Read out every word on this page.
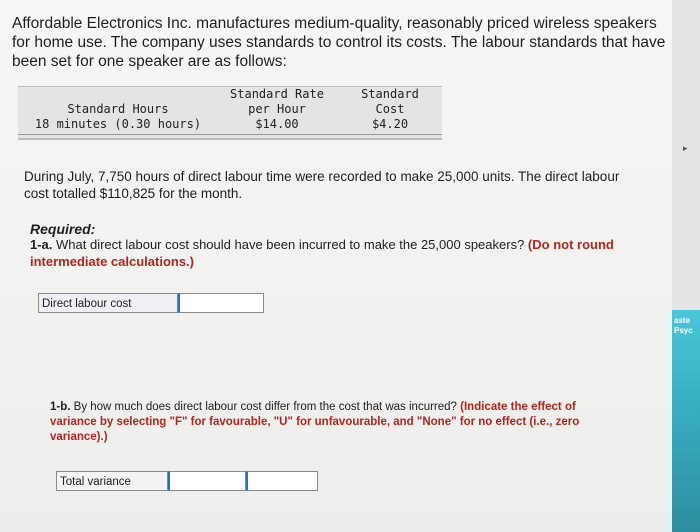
Affordable Electronics Inc. manufactures medium-quality, reasonably priced wireless speakers for home use. The company uses standards to control its costs. The labour standards that have been set for one speaker are as follows:
Standard Hours
18 minutes (0.30 hours)
Standard Rate
per Hour
$14.00
Standard
Cost
$4.20
During July, 7,750 hours of direct labour time were recorded to make 25,000 units. The direct labour cost totalled $110,825 for the month.
Required:
1-a. What direct labour cost should have been incurred to make the 25,000 speakers? (Do not round intermediate calculations.)
Direct labour cost
1-b. By how much does direct labour cost differ from the cost that was incurred? (Indicate the effect of variance by selecting "F" for favourable, "U" for unfavourable, and "None" for no effect (i.e., zero variance).)
Total variance
▸
aste
Psyc
